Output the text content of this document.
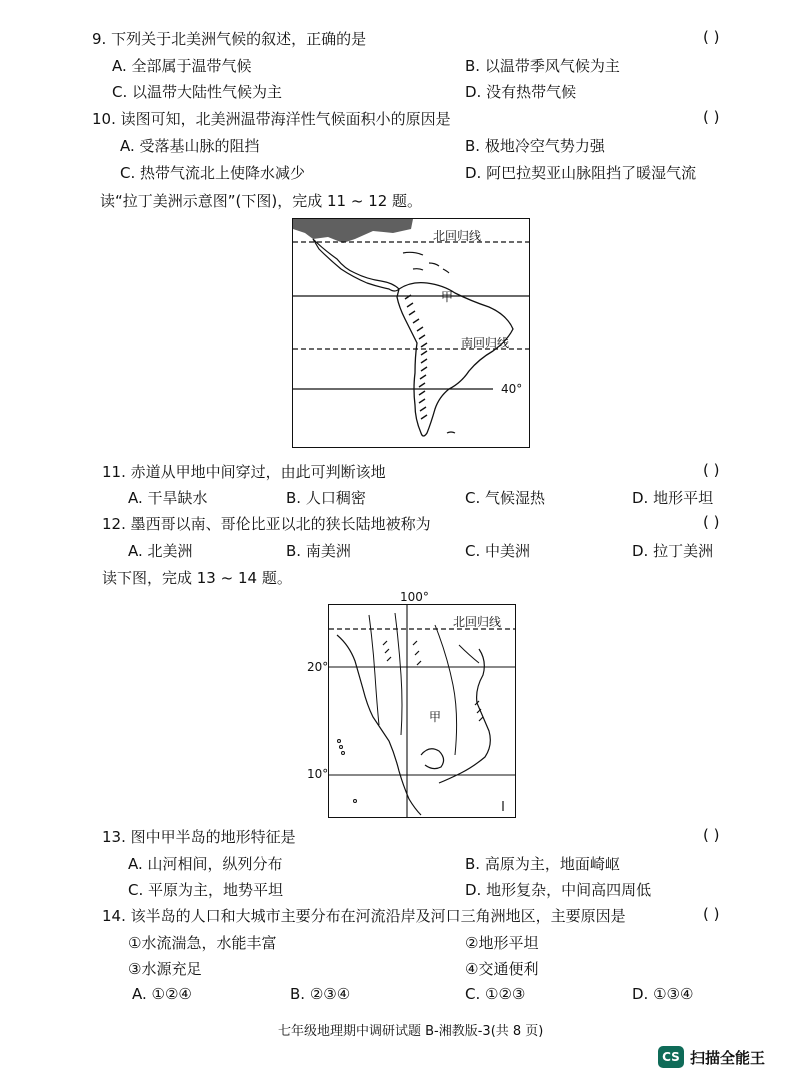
9. 下列关于北美洲气候的叙述，正确的是	( )
A. 全部属于温带气候	B. 以温带季风气候为主
C. 以温带大陆性气候为主	D. 没有热带气候
10. 读图可知，北美洲温带海洋性气候面积小的原因是	( )
A. 受落基山脉的阻挡	B. 极地冷空气势力强
C. 热带气流北上使降水减少	D. 阿巴拉契亚山脉阻挡了暖湿气流
读“拉丁美洲示意图”(下图)，完成 11 ~ 12 题。
北回归线
甲
南回归线
40°
11. 赤道从甲地中间穿过，由此可判断该地	( )
A. 干旱缺水	B. 人口稠密	C. 气候湿热	D. 地形平坦
12. 墨西哥以南、哥伦比亚以北的狭长陆地被称为	( )
A. 北美洲	B. 南美洲	C. 中美洲	D. 拉丁美洲
读下图，完成 13 ~ 14 题。
100°
20°
10°
北回归线
甲
13. 图中甲半岛的地形特征是	( )
A. 山河相间，纵列分布	B. 高原为主，地面崎岖
C. 平原为主，地势平坦	D. 地形复杂，中间高四周低
14. 该半岛的人口和大城市主要分布在河流沿岸及河口三角洲地区，主要原因是	( )
①水流湍急，水能丰富	②地形平坦
③水源充足	④交通便利
A. ①②④	B. ②③④	C. ①②③	D. ①③④
七年级地理期中调研试题 B-湘教版-3(共 8 页)
CS 扫描全能王
